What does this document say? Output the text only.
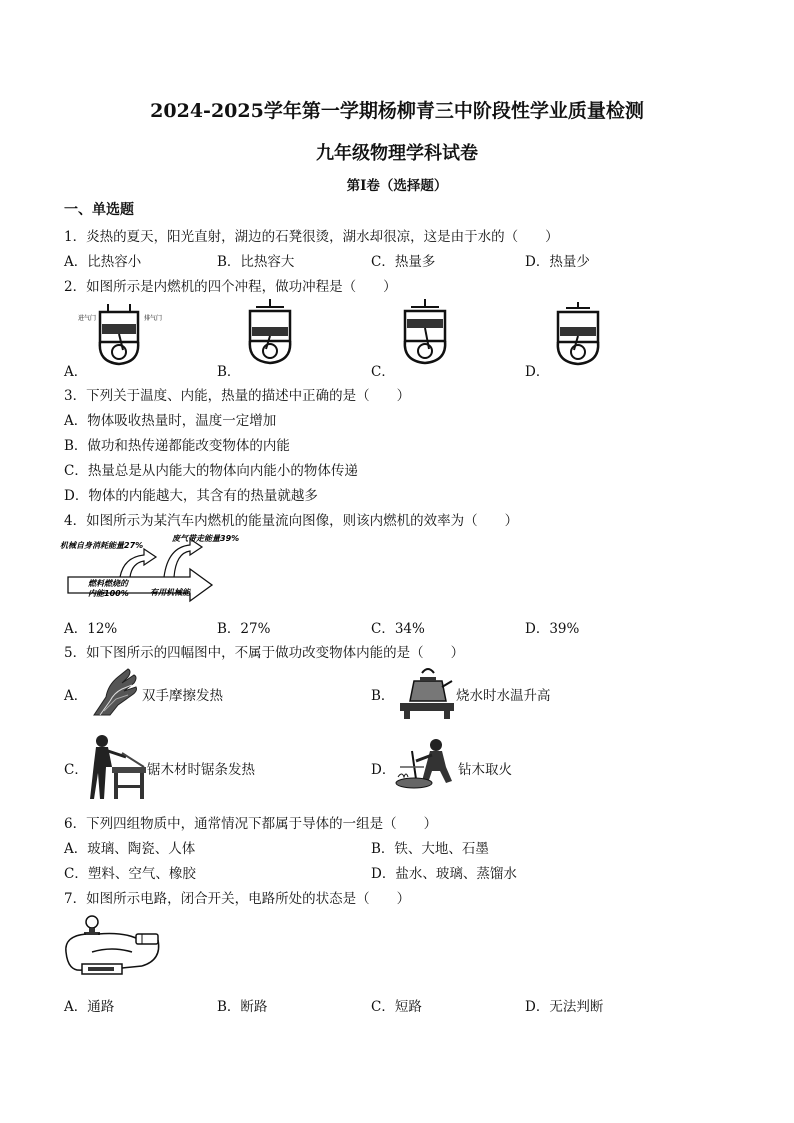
2024-2025学年第一学期杨柳青三中阶段性学业质量检测
九年级物理学科试卷
第Ⅰ卷（选择题）
一、单选题
1．炎热的夏天，阳光直射，湖边的石凳很烫，湖水却很凉，这是由于水的（　　）
A．比热容小	B．比热容大	C．热量多	D．热量少
2．如图所示是内燃机的四个冲程，做功冲程是（　　）
进气门	排气门
A．	B．	C．	D．
3．下列关于温度、内能，热量的描述中正确的是（　　）
A．物体吸收热量时，温度一定增加
B．做功和热传递都能改变物体的内能
C．热量总是从内能大的物体向内能小的物体传递
D．物体的内能越大，其含有的热量就越多
4．如图所示为某汽车内燃机的能量流向图像，则该内燃机的效率为（　　）
机械自身消耗能量27%
废气带走能量39%
燃料燃烧的
内能100%	有用机械能
A．12%	B．27%	C．34%	D．39%
5．如下图所示的四幅图中，不属于做功改变物体内能的是（　　）
A．	双手摩擦发热	B．	烧水时水温升高
C．	锯木材时锯条发热	D．	钻木取火
6．下列四组物质中，通常情况下都属于导体的一组是（　　）
A．玻璃、陶瓷、人体	B．铁、大地、石墨
C．塑料、空气、橡胶	D．盐水、玻璃、蒸馏水
7．如图所示电路，闭合开关，电路所处的状态是（　　）
A．通路	B．断路	C．短路	D．无法判断
